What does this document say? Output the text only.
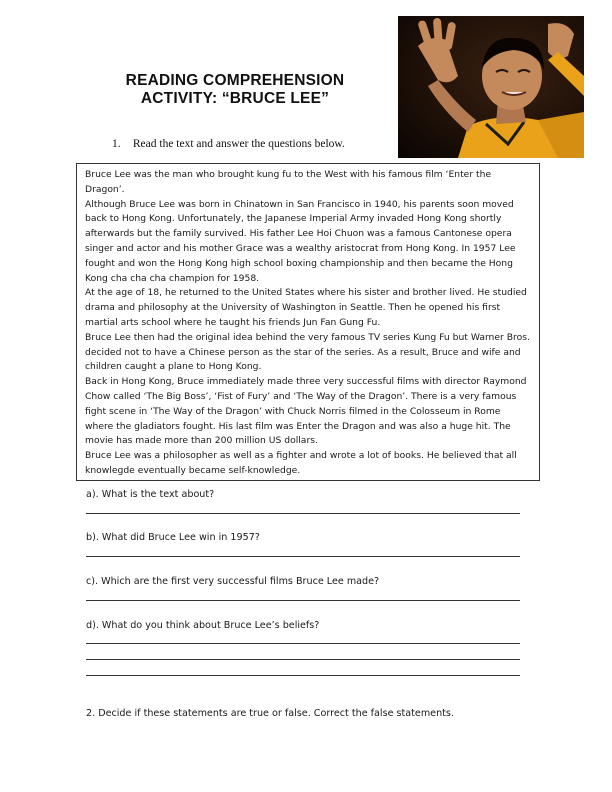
READING COMPREHENSION
ACTIVITY: “BRUCE LEE”
1. Read the text and answer the questions below.

Bruce Lee was the man who brought kung fu to the West with his famous film ‘Enter the Dragon’.

Although Bruce Lee was born in Chinatown in San Francisco in 1940, his parents soon moved back to Hong Kong. Unfortunately, the Japanese Imperial Army invaded Hong Kong shortly afterwards but the family survived. His father Lee Hoi Chuon was a famous Cantonese opera singer and actor and his mother Grace was a wealthy aristocrat from Hong Kong. In 1957 Lee fought and won the Hong Kong high school boxing championship and then became the Hong Kong cha cha cha champion for 1958.

At the age of 18, he returned to the United States where his sister and brother lived. He studied drama and philosophy at the University of Washington in Seattle. Then he opened his first martial arts school where he taught his friends Jun Fan Gung Fu.

Bruce Lee then had the original idea behind the very famous TV series Kung Fu but Warner Bros. decided not to have a Chinese person as the star of the series. As a result, Bruce and wife and children caught a plane to Hong Kong.

Back in Hong Kong, Bruce immediately made three very successful films with director Raymond Chow called ‘The Big Boss’, ‘Fist of Fury’ and ‘The Way of the Dragon’. There is a very famous fight scene in ‘The Way of the Dragon’ with Chuck Norris filmed in the Colosseum in Rome where the gladiators fought. His last film was Enter the Dragon and was also a huge hit. The movie has made more than 200 million US dollars.

Bruce Lee was a philosopher as well as a fighter and wrote a lot of books. He believed that all knowlegde eventually became self-knowledge.

a). What is the text about?
b). What did Bruce Lee win in 1957?
c). Which are the first very successful films Bruce Lee made?
d). What do you think about Bruce Lee’s beliefs?
2. Decide if these statements are true or false. Correct the false statements.
